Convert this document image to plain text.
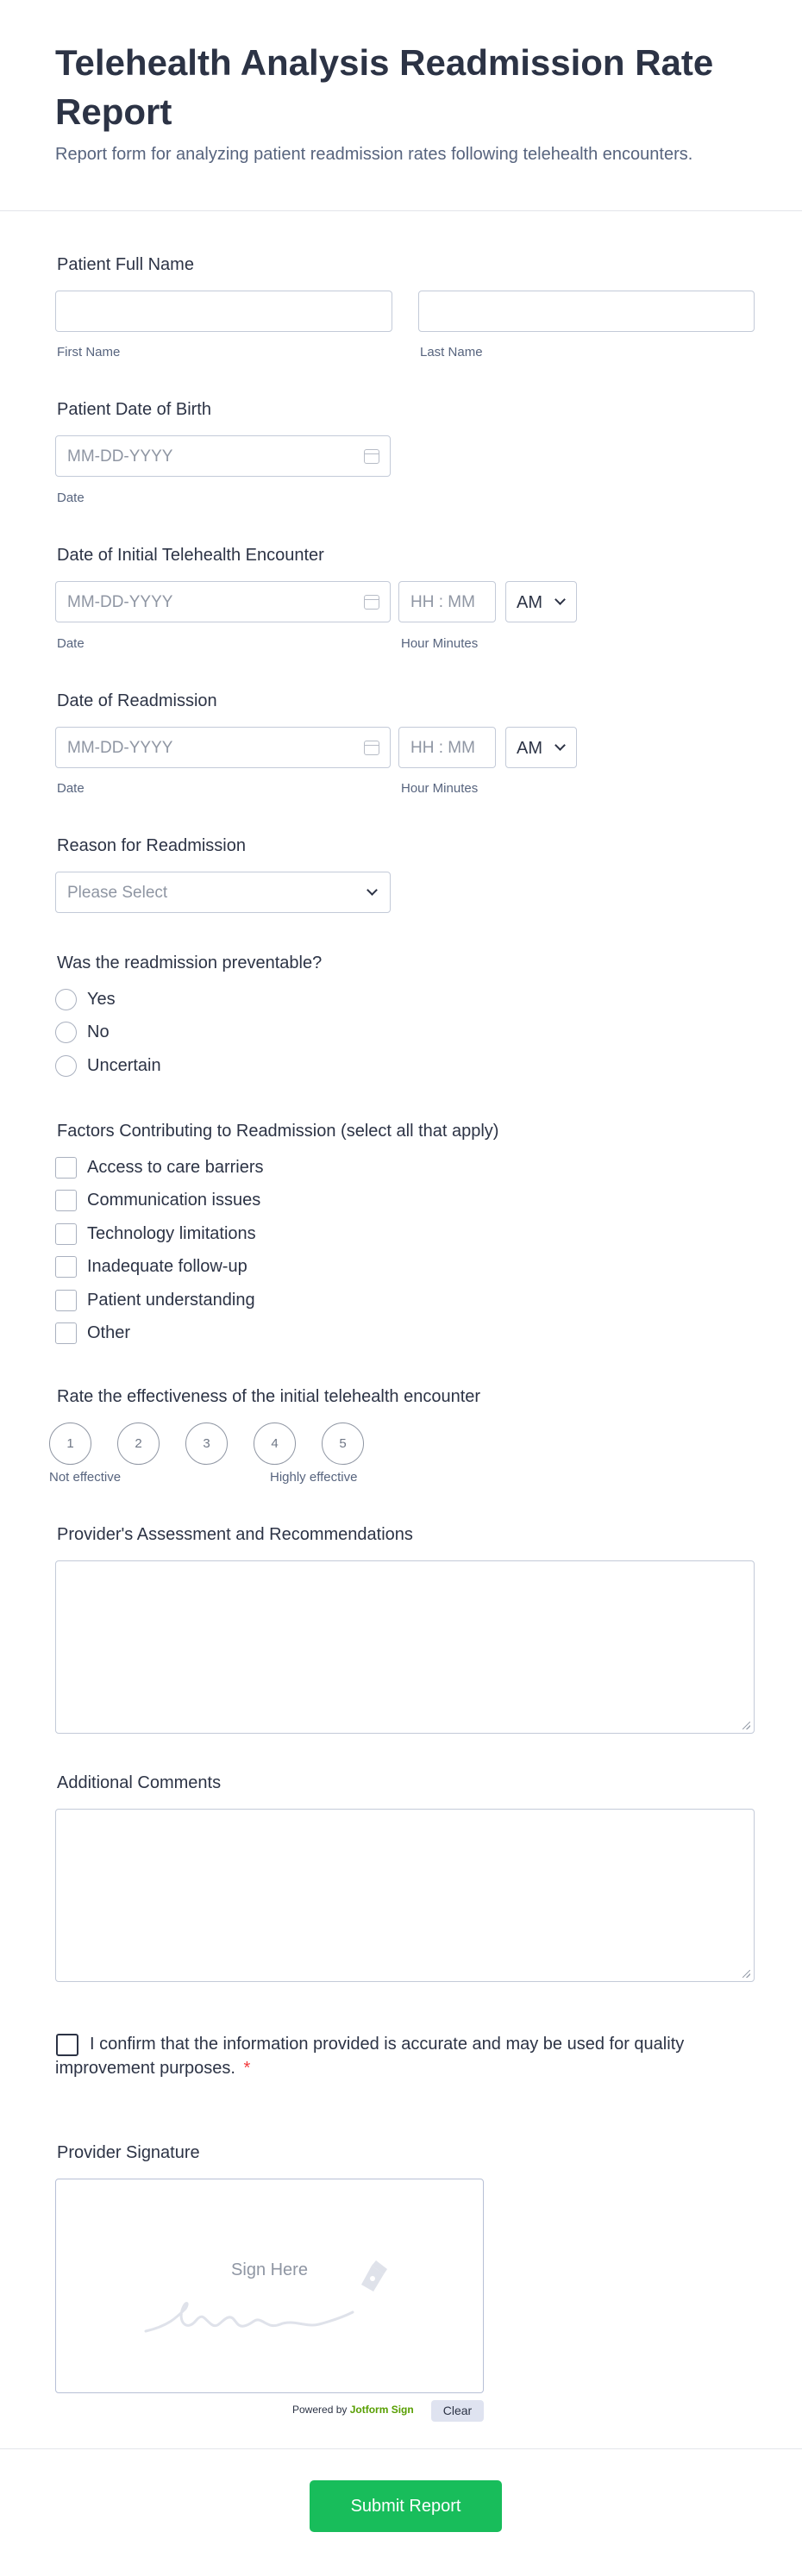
Telehealth Analysis Readmission Rate Report
Report form for analyzing patient readmission rates following telehealth encounters.
Patient Full Name
First Name	Last Name
Patient Date of Birth
MM-DD-YYYY
Date
Date of Initial Telehealth Encounter
MM-DD-YYYY	HH : MM AM
Date	Hour Minutes
Date of Readmission
MM-DD-YYYY	HH : MM AM
Date	Hour Minutes
Reason for Readmission
Please Select
Was the readmission preventable?
Yes
No
Uncertain
Factors Contributing to Readmission (select all that apply)
Access to care barriers
Communication issues
Technology limitations
Inadequate follow-up
Patient understanding
Other
Rate the effectiveness of the initial telehealth encounter
1	2	3	4	5
Not effective	Highly effective
Provider's Assessment and Recommendations
Additional Comments
I confirm that the information provided is accurate and may be used for quality improvement purposes. *
Provider Signature
Sign Here
Powered by Jotform Sign	Clear
Submit Report
